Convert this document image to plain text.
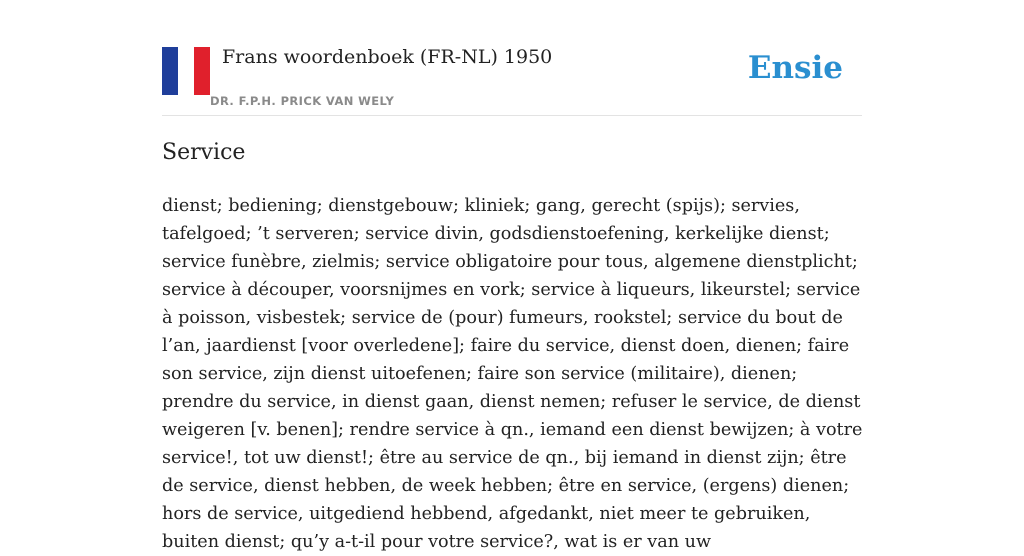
Frans woordenboek (FR-NL) 1950
DR. F.P.H. PRICK VAN WELY
Ensie
Service

dienst; bediening; dienstgebouw; kliniek; gang, gerecht (spijs); servies, tafelgoed; ’t serveren; service divin, godsdienstoefening, kerkelijke dienst; service funèbre, zielmis; service obligatoire pour tous, algemene dienstplicht; service à découper, voorsnijmes en vork; service à liqueurs, likeurstel; service à poisson, visbestek; service de (pour) fumeurs, rookstel; service du bout de l’an, jaardienst [voor overledene]; faire du service, dienst doen, dienen; faire son service, zijn dienst uitoefenen; faire son service (militaire), dienen; prendre du service, in dienst gaan, dienst nemen; refuser le service, de dienst weigeren [v. benen]; rendre service à qn., iemand een dienst bewijzen; à votre service!, tot uw dienst!; être au service de qn., bij iemand in dienst zijn; être de service, dienst hebben, de week hebben; être en service, (ergens) dienen; hors de service, uitgediend hebbend, afgedankt, niet meer te gebruiken, buiten dienst; qu’y a-t-il pour votre service?, wat is er van uw
